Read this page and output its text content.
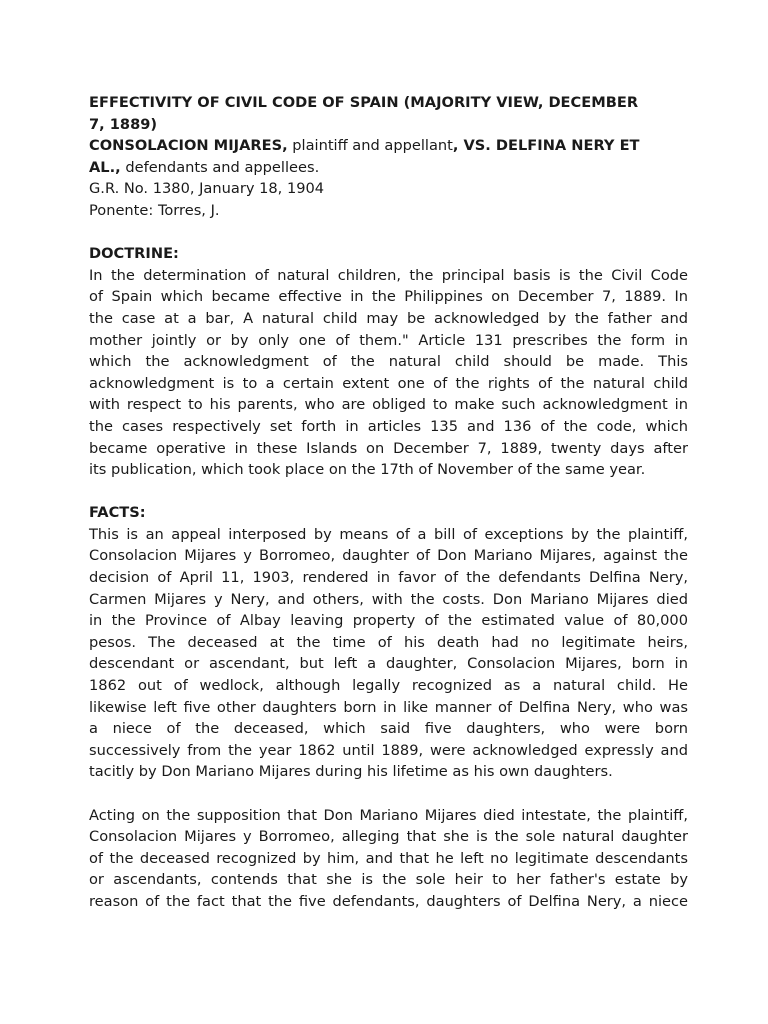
EFFECTIVITY OF CIVIL CODE OF SPAIN (MAJORITY VIEW, DECEMBER
7, 1889)
CONSOLACION MIJARES, plaintiff and appellant, VS. DELFINA NERY ET
AL., defendants and appellees.
G.R. No. 1380, January 18, 1904
Ponente: Torres, J.
DOCTRINE:
In the determination of natural children, the principal basis is the Civil Code
of Spain which became effective in the Philippines on December 7, 1889. In
the case at a bar, A natural child may be acknowledged by the father and
mother jointly or by only one of them." Article 131 prescribes the form in
which the acknowledgment of the natural child should be made. This
acknowledgment is to a certain extent one of the rights of the natural child
with respect to his parents, who are obliged to make such acknowledgment in
the cases respectively set forth in articles 135 and 136 of the code, which
became operative in these Islands on December 7, 1889, twenty days after
its publication, which took place on the 17th of November of the same year.
FACTS:
This is an appeal interposed by means of a bill of exceptions by the plaintiff,
Consolacion Mijares y Borromeo, daughter of Don Mariano Mijares, against the
decision of April 11, 1903, rendered in favor of the defendants Delfina Nery,
Carmen Mijares y Nery, and others, with the costs. Don Mariano Mijares died
in the Province of Albay leaving property of the estimated value of 80,000
pesos. The deceased at the time of his death had no legitimate heirs,
descendant or ascendant, but left a daughter, Consolacion Mijares, born in
1862 out of wedlock, although legally recognized as a natural child. He
likewise left five other daughters born in like manner of Delfina Nery, who was
a niece of the deceased, which said five daughters, who were born
successively from the year 1862 until 1889, were acknowledged expressly and
tacitly by Don Mariano Mijares during his lifetime as his own daughters.
Acting on the supposition that Don Mariano Mijares died intestate, the plaintiff,
Consolacion Mijares y Borromeo, alleging that she is the sole natural daughter
of the deceased recognized by him, and that he left no legitimate descendants
or ascendants, contends that she is the sole heir to her father's estate by
reason of the fact that the five defendants, daughters of Delfina Nery, a niece
